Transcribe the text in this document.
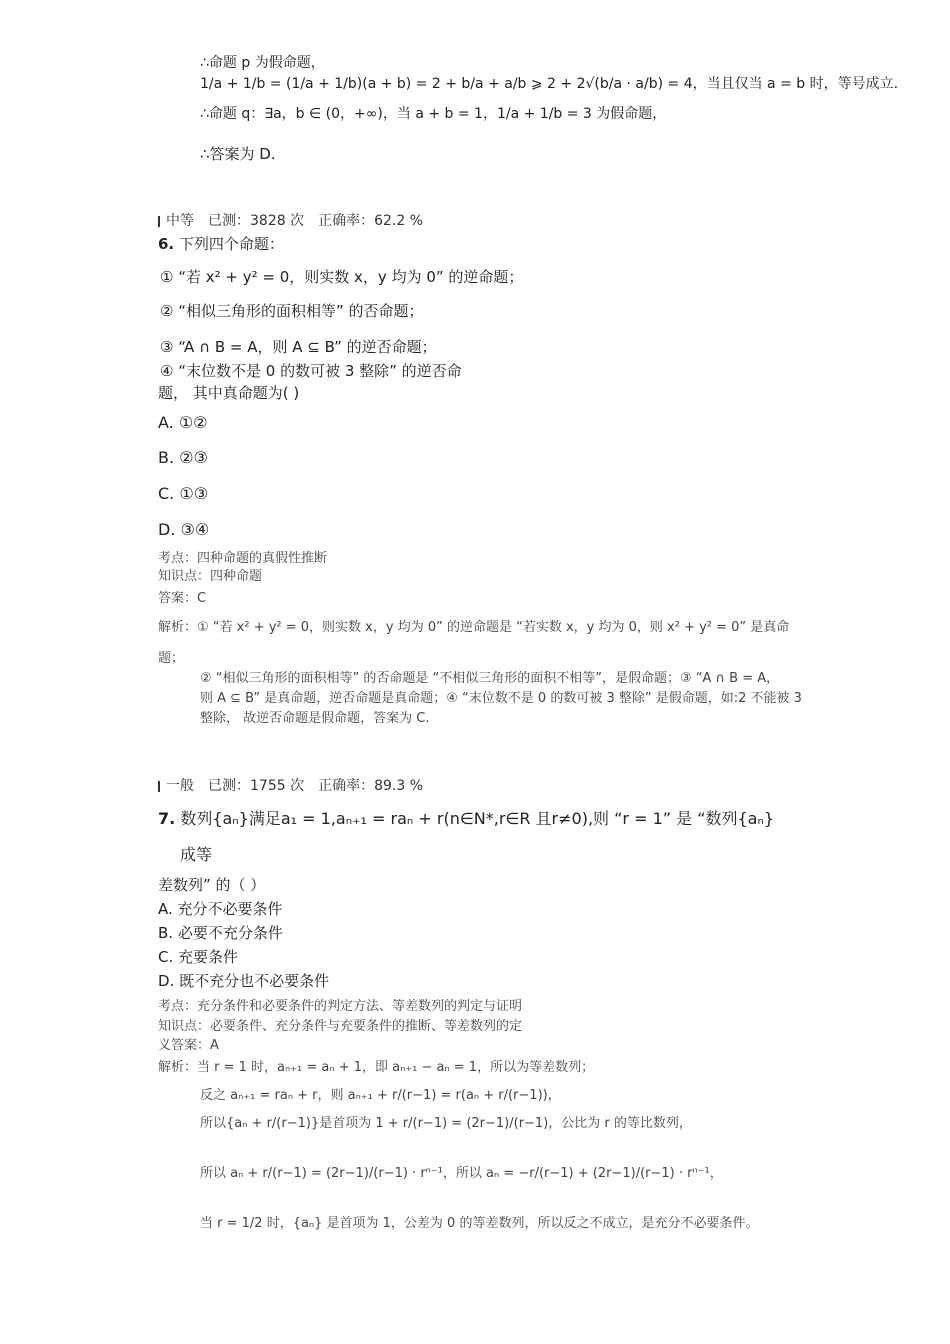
∴命题 p 为假命题，
1/a + 1/b = (1/a + 1/b)(a + b) = 2 + b/a + a/b ⩾ 2 + 2√(b/a · a/b) = 4，当且仅当 a = b 时，等号成立.
∴命题 q：∃a，b ∈ (0，+∞)，当 a + b = 1，1/a + 1/b = 3 为假命题，
∴答案为 D.
中等 已测：3828 次 正确率：62.2 %
6. 下列四个命题：
① “若 x² + y² = 0，则实数 x，y 均为 0” 的逆命题；
② “相似三角形的面积相等” 的否命题；
③ “A ∩ B = A，则 A ⊆ B” 的逆否命题；
④ “末位数不是 0 的数可被 3 整除” 的逆否命
题， 其中真命题为( )
A. ①②
B. ②③
C. ①③
D. ③④
考点：四种命题的真假性推断
知识点：四种命题
答案：C
解析：① “若 x² + y² = 0，则实数 x，y 均为 0” 的逆命题是 “若实数 x，y 均为 0，则 x² + y² = 0” 是真命
题；
② “相似三角形的面积相等” 的否命题是 “不相似三角形的面积不相等”，是假命题；③ “A ∩ B = A，
则 A ⊆ B” 是真命题，逆否命题是真命题；④ “末位数不是 0 的数可被 3 整除” 是假命题，如:2 不能被 3
整除， 故逆否命题是假命题，答案为 C.
一般 已测：1755 次 正确率：89.3 %
7. 数列{aₙ}满足a₁ = 1,aₙ₊₁ = raₙ + r(n∈N*,r∈R 且r≠0),则 “r = 1” 是 “数列{aₙ}
成等
差数列” 的（ ）
A. 充分不必要条件
B. 必要不充分条件
C. 充要条件
D. 既不充分也不必要条件
考点：充分条件和必要条件的判定方法、等差数列的判定与证明
知识点：必要条件、充分条件与充要条件的推断、等差数列的定
义答案：A
解析：当 r = 1 时，aₙ₊₁ = aₙ + 1，即 aₙ₊₁ − aₙ = 1，所以为等差数列；
反之 aₙ₊₁ = raₙ + r，则 aₙ₊₁ + r/(r−1) = r(aₙ + r/(r−1))，
所以{aₙ + r/(r−1)}是首项为 1 + r/(r−1) = (2r−1)/(r−1)，公比为 r 的等比数列，
所以 aₙ + r/(r−1) = (2r−1)/(r−1) · rⁿ⁻¹，所以 aₙ = −r/(r−1) + (2r−1)/(r−1) · rⁿ⁻¹，
当 r = 1/2 时，{aₙ} 是首项为 1，公差为 0 的等差数列，所以反之不成立，是充分不必要条件。
